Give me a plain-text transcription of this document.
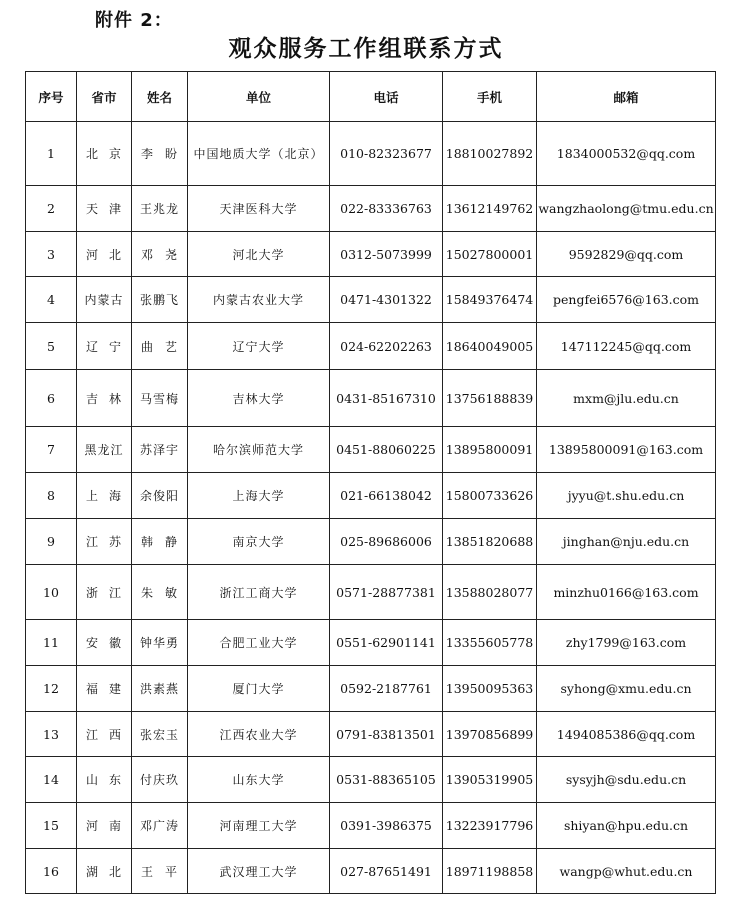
附件 2：
观众服务工作组联系方式
序号	省市	姓名	单位	电话	手机	邮箱
1	北 京	李 盼	中国地质大学（北京）	010-82323677	18810027892	1834000532@qq.com
2	天 津	王兆龙	天津医科大学	022-83336763	13612149762	wangzhaolong@tmu.edu.cn
3	河 北	邓 尧	河北大学	0312-5073999	15027800001	9592829@qq.com
4	内蒙古	张鹏飞	内蒙古农业大学	0471-4301322	15849376474	pengfei6576@163.com
5	辽 宁	曲 艺	辽宁大学	024-62202263	18640049005	147112245@qq.com
6	吉 林	马雪梅	吉林大学	0431-85167310	13756188839	mxm@jlu.edu.cn
7	黑龙江	苏泽宇	哈尔滨师范大学	0451-88060225	13895800091	13895800091@163.com
8	上 海	余俊阳	上海大学	021-66138042	15800733626	jyyu@t.shu.edu.cn
9	江 苏	韩 静	南京大学	025-89686006	13851820688	jinghan@nju.edu.cn
10	浙 江	朱 敏	浙江工商大学	0571-28877381	13588028077	minzhu0166@163.com
11	安 徽	钟华勇	合肥工业大学	0551-62901141	13355605778	zhy1799@163.com
12	福 建	洪素燕	厦门大学	0592-2187761	13950095363	syhong@xmu.edu.cn
13	江 西	张宏玉	江西农业大学	0791-83813501	13970856899	1494085386@qq.com
14	山 东	付庆玖	山东大学	0531-88365105	13905319905	sysyjh@sdu.edu.cn
15	河 南	邓广涛	河南理工大学	0391-3986375	13223917796	shiyan@hpu.edu.cn
16	湖 北	王 平	武汉理工大学	027-87651491	18971198858	wangp@whut.edu.cn
